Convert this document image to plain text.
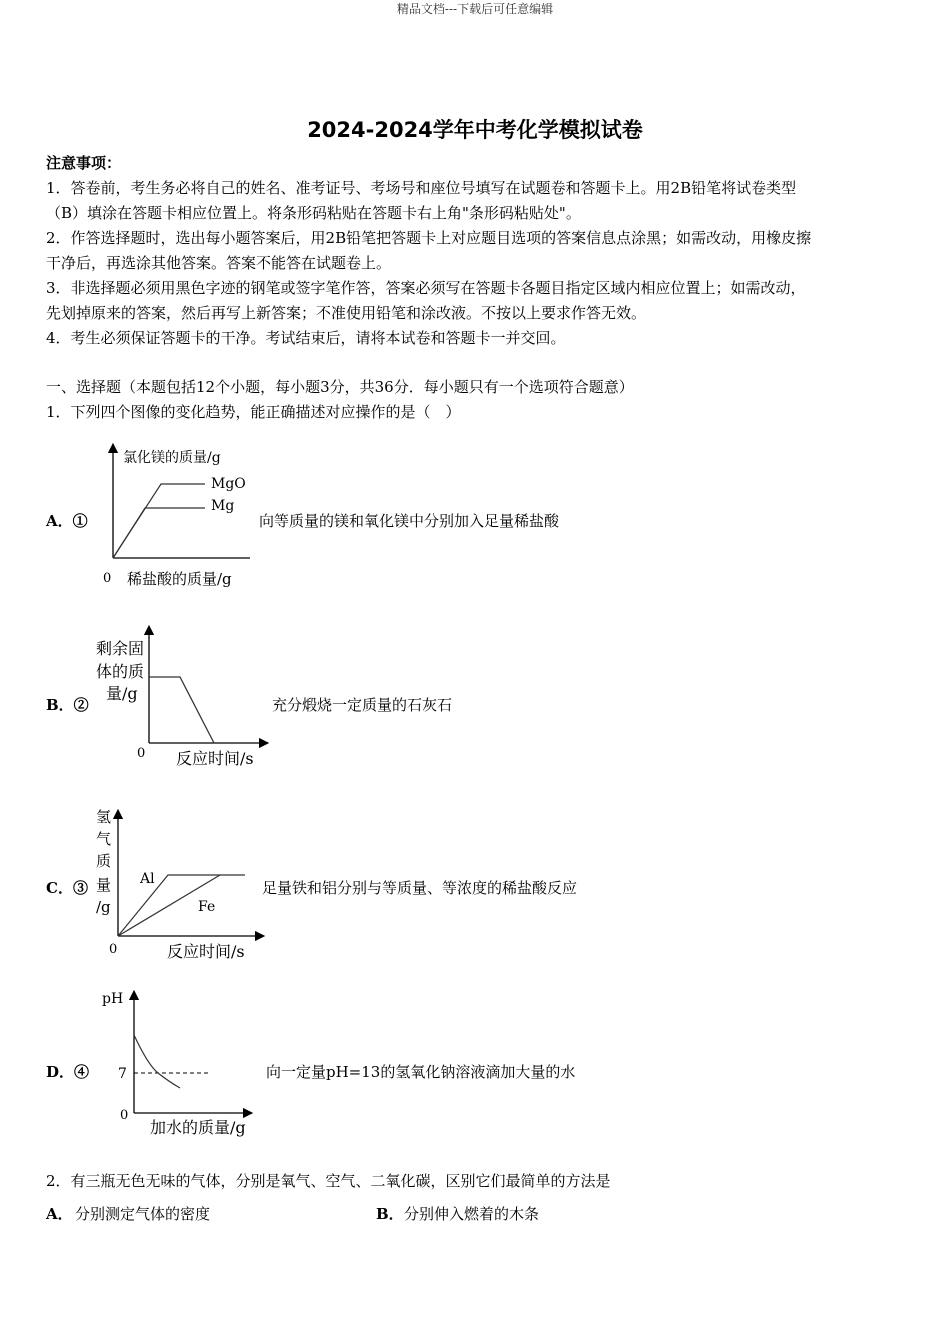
精品文档---下载后可任意编辑
2024-2024学年中考化学模拟试卷
注意事项：
1．答卷前，考生务必将自己的姓名、准考证号、考场号和座位号填写在试题卷和答题卡上。用2B铅笔将试卷类型
（B）填涂在答题卡相应位置上。将条形码粘贴在答题卡右上角"条形码粘贴处"。
2．作答选择题时，选出每小题答案后，用2B铅笔把答题卡上对应题目选项的答案信息点涂黑；如需改动，用橡皮擦
干净后，再选涂其他答案。答案不能答在试题卷上。
3．非选择题必须用黑色字迹的钢笔或签字笔作答，答案必须写在答题卡各题目指定区域内相应位置上；如需改动，
先划掉原来的答案，然后再写上新答案；不准使用铅笔和涂改液。不按以上要求作答无效。
4．考生必须保证答题卡的干净。考试结束后，请将本试卷和答题卡一并交回。
一、选择题（本题包括12个小题，每小题3分，共36分．每小题只有一个选项符合题意）
1．下列四个图像的变化趋势，能正确描述对应操作的是（　）
A．①
氯化镁的质量/g
MgO
Mg
0 稀盐酸的质量/g
向等质量的镁和氧化镁中分别加入足量稀盐酸
B．②
剩余固
体的质
量/g
0 反应时间/s
充分煅烧一定质量的石灰石
C．③
氢
气
质
量
/g
Al
Fe
0	反应时间/s
足量铁和铝分别与等质量、等浓度的稀盐酸反应
D．④
pH
7
0
加水的质量/g
向一定量pH=13的氢氧化钠溶液滴加大量的水
2．有三瓶无色无味的气体，分别是氧气、空气、二氧化碳，区别它们最简单的方法是
A． 分别测定气体的密度	B． 分别伸入燃着的木条
